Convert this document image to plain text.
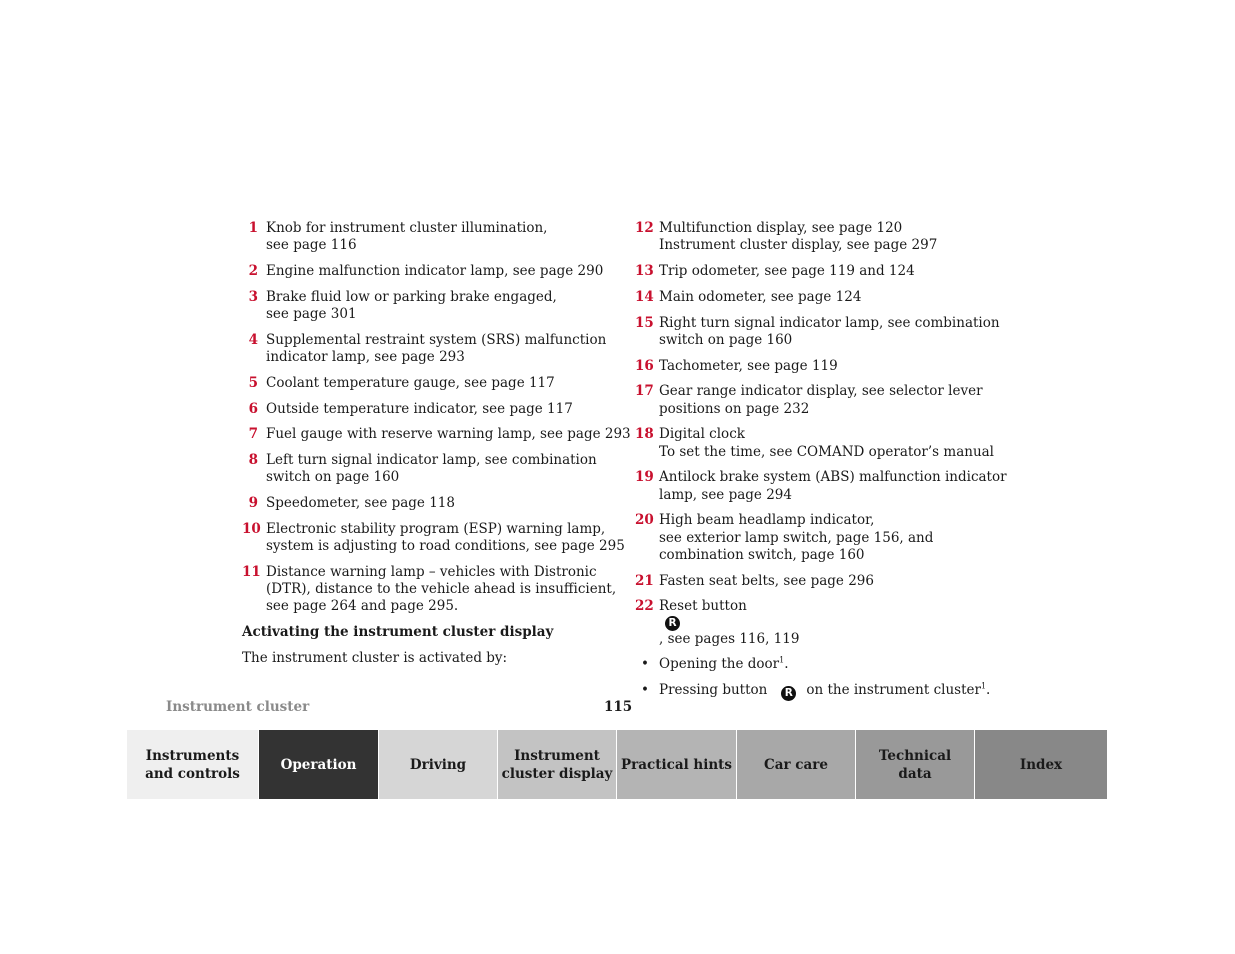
1 Knob for instrument cluster illumination,
see page 116
2 Engine malfunction indicator lamp, see page 290
3 Brake fluid low or parking brake engaged,
see page 301
4 Supplemental restraint system (SRS) malfunction
indicator lamp, see page 293
5 Coolant temperature gauge, see page 117
6 Outside temperature indicator, see page 117
7 Fuel gauge with reserve warning lamp, see page 293
8 Left turn signal indicator lamp, see combination
switch on page 160
9 Speedometer, see page 118
10 Electronic stability program (ESP) warning lamp,
system is adjusting to road conditions, see page 295
11 Distance warning lamp – vehicles with Distronic
(DTR), distance to the vehicle ahead is insufficient,
see page 264 and page 295.
Activating the instrument cluster display
The instrument cluster is activated by:
12 Multifunction display, see page 120
Instrument cluster display, see page 297
13 Trip odometer, see page 119 and 124
14 Main odometer, see page 124
15 Right turn signal indicator lamp, see combination
switch on page 160
16 Tachometer, see page 119
17 Gear range indicator display, see selector lever
positions on page 232
18 Digital clock
To set the time, see COMAND operator’s manual
19 Antilock brake system (ABS) malfunction indicator
lamp, see page 294
20 High beam headlamp indicator,
see exterior lamp switch, page 156, and
combination switch, page 160
21 Fasten seat belts, see page 296
22 Reset button
R
, see pages 116, 119
• Opening the door$^1$.
• Pressing button R on the instrument cluster$^1$.
Instrument cluster	115
Instruments
and controls
Operation	Driving
Instrument
cluster display
Practical hints Car care
Technical
data
Index
